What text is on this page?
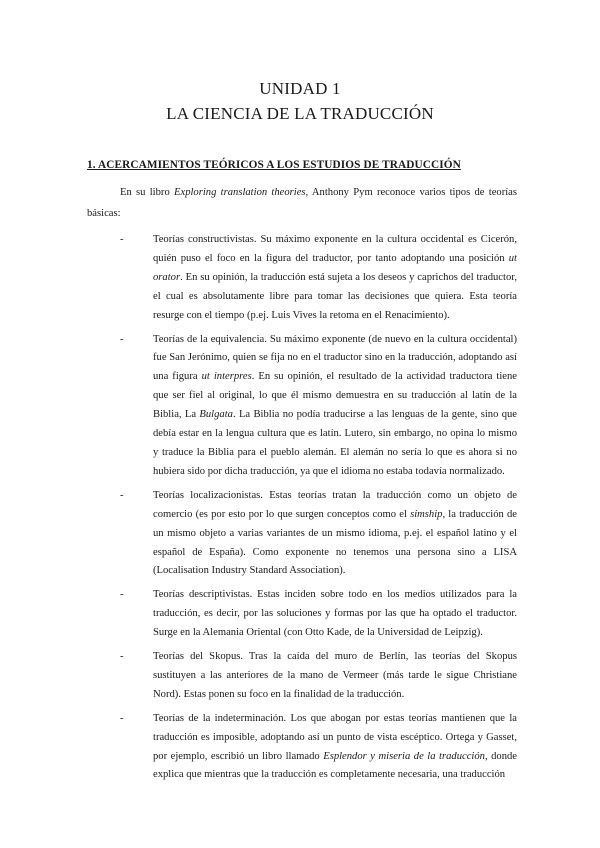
UNIDAD 1
LA CIENCIA DE LA TRADUCCIÓN
1. ACERCAMIENTOS TEÓRICOS A LOS ESTUDIOS DE TRADUCCIÓN
En su libro Exploring translation theories, Anthony Pym reconoce varios tipos de teorías básicas:
-	Teorías constructivistas. Su máximo exponente en la cultura occidental es Cicerón, quién puso el foco en la figura del traductor, por tanto adoptando una posición ut orator. En su opinión, la traducción está sujeta a los deseos y caprichos del traductor, el cual es absolutamente libre para tomar las decisiones que quiera. Esta teoría resurge con el tiempo (p.ej. Luis Vives la retoma en el Renacimiento).
-	Teorías de la equivalencia. Su máximo exponente (de nuevo en la cultura occidental) fue San Jerónimo, quien se fija no en el traductor sino en la traducción, adoptando así una figura ut interpres. En su opinión, el resultado de la actividad traductora tiene que ser fiel al original, lo que él mismo demuestra en su traducción al latín de la Biblia, La Bulgata. La Biblia no podía traducirse a las lenguas de la gente, sino que debía estar en la lengua cultura que es latín. Lutero, sin embargo, no opina lo mismo y traduce la Biblia para el pueblo alemán. El alemán no sería lo que es ahora si no hubiera sido por dicha traducción, ya que el idioma no estaba todavía normalizado.
-	Teorías localizacionistas. Estas teorías tratan la traducción como un objeto de comercio (es por esto por lo que surgen conceptos como el simship, la traducción de un mismo objeto a varias variantes de un mismo idioma, p.ej. el español latino y el español de España). Como exponente no tenemos una persona sino a LISA (Localisation Industry Standard Association).
-	Teorías descriptivistas. Estas inciden sobre todo en los medios utilizados para la traducción, es decir, por las soluciones y formas por las que ha optado el traductor. Surge en la Alemania Oriental (con Otto Kade, de la Universidad de Leipzig).
-	Teorías del Skopus. Tras la caída del muro de Berlín, las teorías del Skopus sustituyen a las anteriores de la mano de Vermeer (más tarde le sigue Christiane Nord). Estas ponen su foco en la finalidad de la traducción.
-	Teorías de la indeterminación. Los que abogan por estas teorías mantienen que la traducción es imposible, adoptando así un punto de vista escéptico. Ortega y Gasset, por ejemplo, escribió un libro llamado Esplendor y miseria de la traducción, donde explica que mientras que la traducción es completamente necesaria, una traducción
